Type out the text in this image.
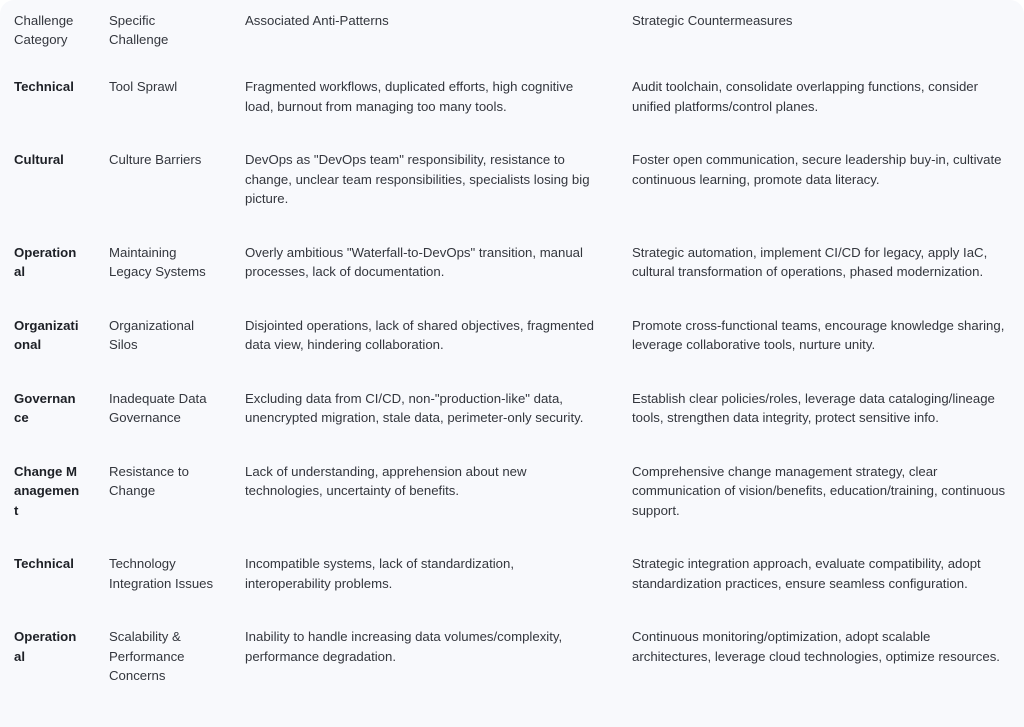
Challenge Category	Specific Challenge	Associated Anti-Patterns	Strategic Countermeasures
Technical	Tool Sprawl	Fragmented workflows, duplicated efforts, high cognitive load, burnout from managing too many tools.	Audit toolchain, consolidate overlapping functions, consider unified platforms/control planes.
Cultural	Culture Barriers	DevOps as "DevOps team" responsibility, resistance to change, unclear team responsibilities, specialists losing big picture.	Foster open communication, secure leadership buy-in, cultivate continuous learning, promote data literacy.
Operational	Maintaining Legacy Systems	Overly ambitious "Waterfall-to-DevOps" transition, manual processes, lack of documentation.	Strategic automation, implement CI/CD for legacy, apply IaC, cultural transformation of operations, phased modernization.
Organizational	Organizational Silos	Disjointed operations, lack of shared objectives, fragmented data view, hindering collaboration.	Promote cross-functional teams, encourage knowledge sharing, leverage collaborative tools, nurture unity.
Governance	Inadequate Data Governance	Excluding data from CI/CD, non-"production-like" data, unencrypted migration, stale data, perimeter-only security.	Establish clear policies/roles, leverage data cataloging/lineage tools, strengthen data integrity, protect sensitive info.
Change Management	Resistance to Change	Lack of understanding, apprehension about new technologies, uncertainty of benefits.	Comprehensive change management strategy, clear communication of vision/benefits, education/training, continuous support.
Technical	Technology Integration Issues	Incompatible systems, lack of standardization, interoperability problems.	Strategic integration approach, evaluate compatibility, adopt standardization practices, ensure seamless configuration.
Operational	Scalability & Performance Concerns	Inability to handle increasing data volumes/complexity, performance degradation.	Continuous monitoring/optimization, adopt scalable architectures, leverage cloud technologies, optimize resources.
